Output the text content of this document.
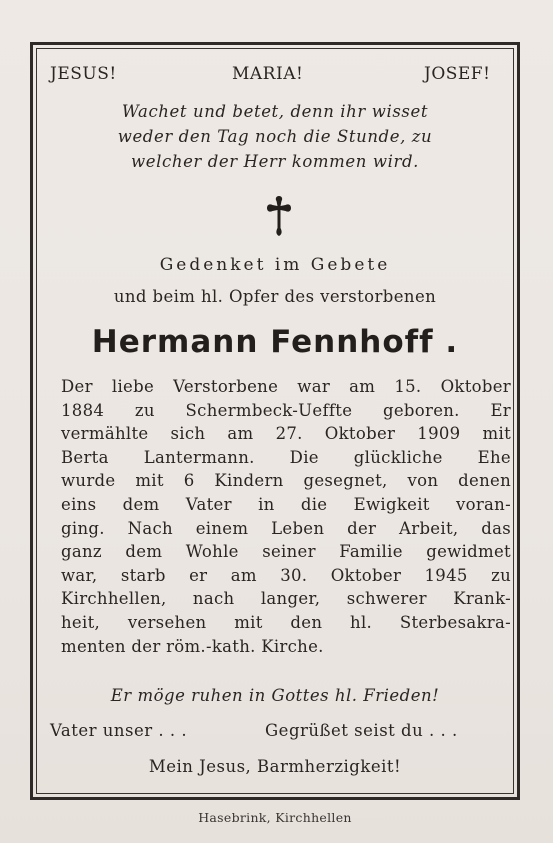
JESUS!	MARIA!	JOSEF!
Wachet und betet, denn ihr wisset
weder den Tag noch die Stunde, zu
welcher der Herr kommen wird.
Gedenket im Gebete
und beim hl. Opfer des verstorbenen
Hermann Fennhoff .
Der liebe Verstorbene war am 15. Oktober
1884 zu Schermbeck-Ueffte geboren. Er
vermählte sich am 27. Oktober 1909 mit
Berta Lantermann. Die glückliche Ehe
wurde mit 6 Kindern gesegnet, von denen
eins dem Vater in die Ewigkeit voran-
ging. Nach einem Leben der Arbeit, das
ganz dem Wohle seiner Familie gewidmet
war, starb er am 30. Oktober 1945 zu
Kirchhellen, nach langer, schwerer Krank-
heit, versehen mit den hl. Sterbesakra-
menten der röm.-kath. Kirche.
Er möge ruhen in Gottes hl. Frieden!
Vater unser . . .	Gegrüßet seist du . . .
Mein Jesus, Barmherzigkeit!
Hasebrink, Kirchhellen
